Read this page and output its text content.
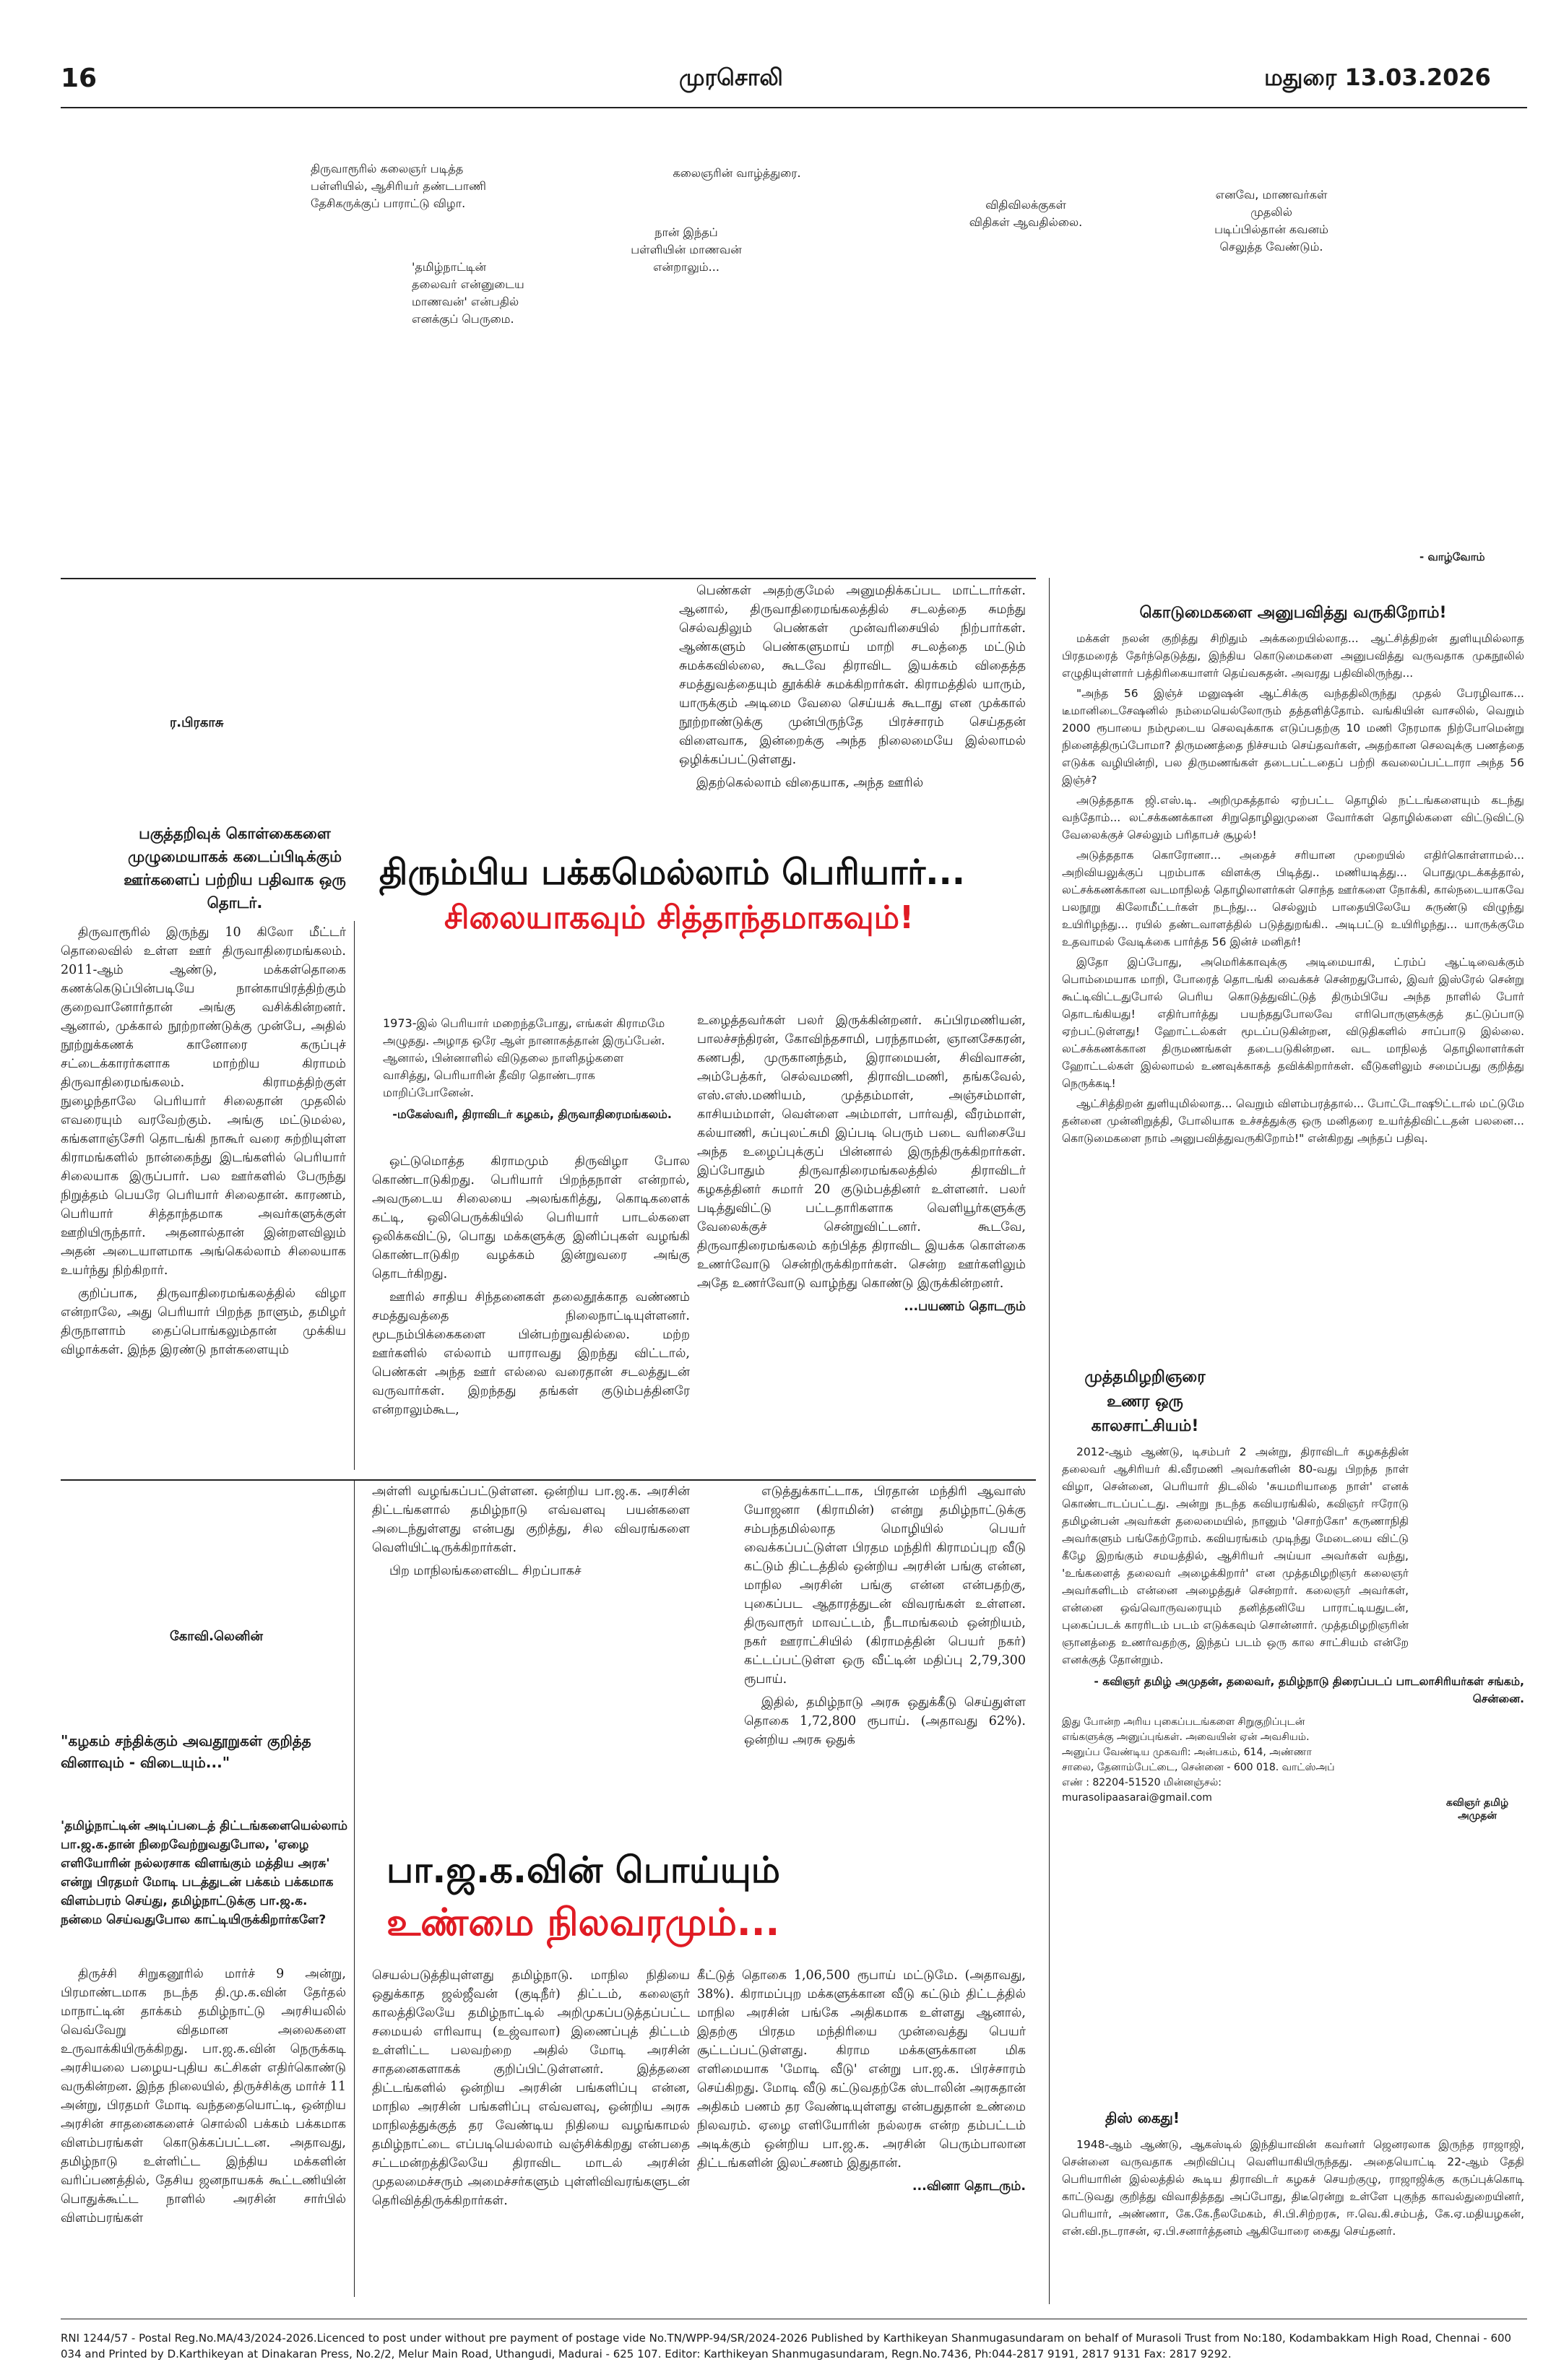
16	முரசொலி	மதுரை 13.03.2026
திருவாரூரில் கலைஞர் படித்த பள்ளியில், ஆசிரியர் தண்டபாணி தேசிகருக்குப் பாராட்டு விழா.
'தமிழ்நாட்டின் தலைவர் என்னுடைய மாணவன்' என்பதில் எனக்குப் பெருமை.
கலைஞரின் வாழ்த்துரை.
நான் இந்தப் பள்ளியின் மாணவன் என்றாலும்...
விதிவிலக்குகள் விதிகள் ஆவதில்லை.
எனவே, மாணவர்கள் முதலில் படிப்பில்தான் கவனம் செலுத்த வேண்டும்.
- வாழ்வோம்
ர.பிரகாசு
பகுத்தறிவுக் கொள்கைகளை முழுமையாகக் கடைப்பிடிக்கும் ஊர்களைப் பற்றிய பதிவாக ஒரு தொடர்.

திருவாரூரில் இருந்து 10 கிலோ மீட்டர் தொலைவில் உள்ள ஊர் திருவாதிரைமங்கலம். 2011-ஆம் ஆண்டு, மக்கள்தொகை கணக்கெடுப்பின்படியே நான்காயிரத்திற்கும் குறைவானோர்தான் அங்கு வசிக்கின்றனர். ஆனால், முக்கால் நூற்றாண்டுக்கு முன்பே, அதில் நூற்றுக்கணக் கானோரை கருப்புச் சட்டைக்காரர்களாக மாற்றிய கிராமம் திருவாதிரைமங்கலம். கிராமத்திற்குள் நுழைந்தாலே பெரியார் சிலைதான் முதலில் எவரையும் வரவேற்கும். அங்கு மட்டுமல்ல, கங்களாஞ்சேரி தொடங்கி நாகூர் வரை சுற்றியுள்ள கிராமங்களில் நான்கைந்து இடங்களில் பெரியார் சிலையாக இருப்பார். பல ஊர்களில் பேருந்து நிறுத்தம் பெயரே பெரியார் சிலைதான். காரணம், பெரியார் சித்தாந்தமாக அவர்களுக்குள் ஊறியிருந்தார். அதனால்தான் இன்றளவிலும் அதன் அடையாளமாக அங்கெல்லாம் சிலையாக உயர்ந்து நிற்கிறார்.

குறிப்பாக, திருவாதிரைமங்கலத்தில் விழா என்றாலே, அது பெரியார் பிறந்த நாளும், தமிழர் திருநாளாம் தைப்பொங்கலும்தான் முக்கிய விழாக்கள். இந்த இரண்டு நாள்களையும்

பெண்கள் அதற்குமேல் அனுமதிக்கப்பட மாட்டார்கள். ஆனால், திருவாதிரைமங்கலத்தில் சடலத்தை சுமந்து செல்வதிலும் பெண்கள் முன்வரிசையில் நிற்பார்கள். ஆண்களும் பெண்களுமாய் மாறி சடலத்தை மட்டும் சுமக்கவில்லை, கூடவே திராவிட இயக்கம் விதைத்த சமத்துவத்தையும் தூக்கிச் சுமக்கிறார்கள். கிராமத்தில் யாரும், யாருக்கும் அடிமை வேலை செய்யக் கூடாது என முக்கால் நூற்றாண்டுக்கு முன்பிருந்தே பிரச்சாரம் செய்ததன் விளைவாக, இன்றைக்கு அந்த நிலைமையே இல்லாமல் ஒழிக்கப்பட்டுள்ளது.

இதற்கெல்லாம் விதையாக, அந்த ஊரில்

திரும்பிய பக்கமெல்லாம் பெரியார்...
சிலையாகவும் சித்தாந்தமாகவும்!
1973-இல் பெரியார் மறைந்தபோது, எங்கள் கிராமமே அழுதது. அழாத ஒரே ஆள் நானாகத்தான் இருப்பேன். ஆனால், பின்னாளில் விடுதலை நாளிதழ்களை வாசித்து, பெரியாரின் தீவிர தொண்டராக மாறிப்போனேன்.
-மகேஸ்வரி, திராவிடர் கழகம், திருவாதிரைமங்கலம்.

ஒட்டுமொத்த கிராமமும் திருவிழா போல கொண்டாடுகிறது. பெரியார் பிறந்தநாள் என்றால், அவருடைய சிலையை அலங்கரித்து, கொடிகளைக் கட்டி, ஒலிபெருக்கியில் பெரியார் பாடல்களை ஒலிக்கவிட்டு, பொது மக்களுக்கு இனிப்புகள் வழங்கி கொண்டாடுகிற வழக்கம் இன்றுவரை அங்கு தொடர்கிறது.

ஊரில் சாதிய சிந்தனைகள் தலைதூக்காத வண்ணம் சமத்துவத்தை நிலைநாட்டியுள்ளனர். மூடநம்பிக்கைகளை பின்பற்றுவதில்லை. மற்ற ஊர்களில் எல்லாம் யாராவது இறந்து விட்டால், பெண்கள் அந்த ஊர் எல்லை வரைதான் சடலத்துடன் வருவார்கள். இறந்தது தங்கள் குடும்பத்தினரே என்றாலும்கூட,

உழைத்தவர்கள் பலர் இருக்கின்றனர். சுப்பிரமணியன், பாலச்சந்திரன், கோவிந்தசாமி, பரந்தாமன், ஞானசேகரன், கணபதி, முருகானந்தம், இராமையன், சிவிவாசன், அம்பேத்கர், செல்வமணி, திராவிடமணி, தங்கவேல், எஸ்.எஸ்.மணியம், முத்தம்மாள், அஞ்சம்மாள், காசியம்மாள், வெள்ளை அம்மாள், பார்வதி, வீரம்மாள், கல்யாணி, சுப்புலட்சுமி இப்படி பெரும் படை வரிசையே அந்த உழைப்புக்குப் பின்னால் இருந்திருக்கிறார்கள். இப்போதும் திருவாதிரைமங்கலத்தில் திராவிடர் கழகத்தினர் சுமார் 20 குடும்பத்தினர் உள்ளனர். பலர் படித்துவிட்டு பட்டதாரிகளாக வெளியூர்களுக்கு வேலைக்குச் சென்றுவிட்டனர். கூடவே, திருவாதிரைமங்கலம் கற்பித்த திராவிட இயக்க கொள்கை உணர்வோடு சென்றிருக்கிறார்கள். சென்ற ஊர்களிலும் அதே உணர்வோடு வாழ்ந்து கொண்டு இருக்கின்றனர்.

...பயணம் தொடரும்
கோவி.லெனின்
"கழகம் சந்திக்கும் அவதூறுகள் குறித்த வினாவும் - விடையும்..."
'தமிழ்நாட்டின் அடிப்படைத் திட்டங்களையெல்லாம் பா.ஜ.க.தான் நிறைவேற்றுவதுபோல, 'ஏழை எளியோரின் நல்லரசாக விளங்கும் மத்திய அரசு' என்று பிரதமர் மோடி படத்துடன் பக்கம் பக்கமாக விளம்பரம் செய்து, தமிழ்நாட்டுக்கு பா.ஜ.க. நன்மை செய்வதுபோல காட்டியிருக்கிறார்களே?

திருச்சி சிறுகனூரில் மார்ச் 9 அன்று, பிரமாண்டமாக நடந்த தி.மு.க.வின் தேர்தல் மாநாட்டின் தாக்கம் தமிழ்நாட்டு அரசியலில் வெவ்வேறு விதமான அலைகளை உருவாக்கியிருக்கிறது. பா.ஜ.க.வின் நெருக்கடி அரசியலை பழைய-புதிய கட்சிகள் எதிர்கொண்டு வருகின்றன. இந்த நிலையில், திருச்சிக்கு மார்ச் 11 அன்று, பிரதமர் மோடி வந்ததையொட்டி, ஒன்றிய அரசின் சாதனைகளைச் சொல்லி பக்கம் பக்கமாக விளம்பரங்கள் கொடுக்கப்பட்டன. அதாவது, தமிழ்நாடு உள்ளிட்ட இந்திய மக்களின் வரிப்பணத்தில், தேசிய ஜனநாயகக் கூட்டணியின் பொதுக்கூட்ட நாளில் அரசின் சார்பில் விளம்பரங்கள்

அள்ளி வழங்கப்பட்டுள்ளன. ஒன்றிய பா.ஜ.க. அரசின் திட்டங்களால் தமிழ்நாடு எவ்வளவு பயன்களை அடைந்துள்ளது என்பது குறித்து, சில விவரங்களை வெளியிட்டிருக்கிறார்கள்.

பிற மாநிலங்களைவிட சிறப்பாகச்

எடுத்துக்காட்டாக, பிரதான் மந்திரி ஆவாஸ் யோஜனா (கிராமின்) என்று தமிழ்நாட்டுக்கு சம்பந்தமில்லாத மொழியில் பெயர் வைக்கப்பட்டுள்ள பிரதம மந்திரி கிராமப்புற வீடு கட்டும் திட்டத்தில் ஒன்றிய அரசின் பங்கு என்ன, மாநில அரசின் பங்கு என்ன என்பதற்கு, புகைப்பட ஆதாரத்துடன் விவரங்கள் உள்ளன. திருவாரூர் மாவட்டம், நீடாமங்கலம் ஒன்றியம், நகர் ஊராட்சியில் (கிராமத்தின் பெயர் நகர்) கட்டப்பட்டுள்ள ஒரு வீட்டின் மதிப்பு 2,79,300 ரூபாய்.

இதில், தமிழ்நாடு அரசு ஒதுக்கீடு செய்துள்ள தொகை 1,72,800 ரூபாய். (அதாவது 62%). ஒன்றிய அரசு ஒதுக்

பா.ஜ.க.வின் பொய்யும்
உண்மை நிலவரமும்...

செயல்படுத்தியுள்ளது தமிழ்நாடு. மாநில நிதியை ஒதுக்காத ஜல்ஜீவன் (குடிநீர்) திட்டம், கலைஞர் காலத்திலேயே தமிழ்நாட்டில் அறிமுகப்படுத்தப்பட்ட சமையல் எரிவாயு (உஜ்வாலா) இணைப்புத் திட்டம் உள்ளிட்ட பலவற்றை அதில் மோடி அரசின் சாதனைகளாகக் குறிப்பிட்டுள்ளனர். இத்தனை திட்டங்களில் ஒன்றிய அரசின் பங்களிப்பு என்ன, மாநில அரசின் பங்களிப்பு எவ்வளவு, ஒன்றிய அரசு மாநிலத்துக்குத் தர வேண்டிய நிதியை வழங்காமல் தமிழ்நாட்டை எப்படியெல்லாம் வஞ்சிக்கிறது என்பதை சட்டமன்றத்திலேயே திராவிட மாடல் அரசின் முதலமைச்சரும் அமைச்சர்களும் புள்ளிவிவரங்களுடன் தெரிவித்திருக்கிறார்கள்.

கீட்டுத் தொகை 1,06,500 ரூபாய் மட்டுமே. (அதாவது, 38%). கிராமப்புற மக்களுக்கான வீடு கட்டும் திட்டத்தில் மாநில அரசின் பங்கே அதிகமாக உள்ளது ஆனால், இதற்கு பிரதம மந்திரியை முன்வைத்து பெயர் சூட்டப்பட்டுள்ளது. கிராம மக்களுக்கான மிக எளிமையாக 'மோடி வீடு' என்று பா.ஜ.க. பிரச்சாரம் செய்கிறது. மோடி வீடு கட்டுவதற்கே ஸ்டாலின் அரசுதான் அதிகம் பணம் தர வேண்டியுள்ளது என்பதுதான் உண்மை நிலவரம். ஏழை எளியோரின் நல்லரசு என்ற தம்பட்டம் அடிக்கும் ஒன்றிய பா.ஜ.க. அரசின் பெரும்பாலான திட்டங்களின் இலட்சணம் இதுதான்.

...வினா தொடரும்.
கொடுமைகளை அனுபவித்து வருகிறோம்!

மக்கள் நலன் குறித்து சிறிதும் அக்கறையில்லாத... ஆட்சித்திறன் துளியுமில்லாத பிரதமரைத் தேர்ந்தெடுத்து, இந்திய கொடுமைகளை அனுபவித்து வருவதாக முகநூலில் எழுதியுள்ளார் பத்திரிகையாளர் தெய்வசுதன். அவரது பதிவிலிருந்து...

"அந்த 56 இஞ்ச் மனுஷன் ஆட்சிக்கு வந்ததிலிருந்து முதல் பேரழிவாக... டீமானிடைசேஷனில் நம்மையெல்லோரும் தத்தளித்தோம். வங்கியின் வாசலில், வெறும் 2000 ரூபாயை நம்மூடைய செலவுக்காக எடுப்பதற்கு 10 மணி நேரமாக நிற்போமென்று நினைத்திருப்போமா? திருமணத்தை நிச்சயம் செய்தவர்கள், அதற்கான செலவுக்கு பணத்தை எடுக்க வழியின்றி, பல திருமணங்கள் தடைபட்டதைப் பற்றி கவலைப்பட்டாரா அந்த 56 இஞ்ச்?

அடுத்ததாக ஜி.எஸ்.டி. அறிமுகத்தால் ஏற்பட்ட தொழில் நட்டங்களையும் கடந்து வந்தோம்... லட்சக்கணக்கான சிறுதொழிலுமுனை வோர்கள் தொழில்களை விட்டுவிட்டு வேலைக்குச் செல்லும் பரிதாபச் சூழல்!

அடுத்ததாக கொரோனா... அதைச் சரியான முறையில் எதிர்கொள்ளாமல்... அறிவியலுக்குப் புறம்பாக விளக்கு பிடித்து.. மணியடித்து... பொதுமுடக்கத்தால், லட்சக்கணக்கான வடமாநிலத் தொழிலாளர்கள் சொந்த ஊர்களை நோக்கி, கால்நடையாகவே பலநூறு கிலோமீட்டர்கள் நடந்து... செல்லும் பாதையிலேயே சுருண்டு விழுந்து உயிரிழந்து... ரயில் தண்டவாளத்தில் படுத்துறங்கி.. அடிபட்டு உயிரிழந்து... யாருக்குமே உதவாமல் வேடிக்கை பார்த்த 56 இன்ச் மனிதர்!

இதோ இப்போது, அமெரிக்காவுக்கு அடிமையாகி, ட்ரம்ப் ஆட்டிவைக்கும் பொம்மையாக மாறி, போரைத் தொடங்கி வைக்கச் சென்றதுபோல், இவர் இஸ்ரேல் சென்று கூட்டிவிட்டதுபோல் பெரிய கொடுத்துவிட்டுத் திரும்பியே அந்த நாளில் போர் தொடங்கியது! எதிர்பார்த்து பயந்ததுபோலவே எரிபொருளுக்குத் தட்டுப்பாடு ஏற்பட்டுள்ளது! ஹோட்டல்கள் மூடப்படுகின்றன, விடுதிகளில் சாப்பாடு இல்லை. லட்சக்கணக்கான திருமணங்கள் தடைபடுகின்றன. வட மாநிலத் தொழிலாளர்கள் ஹோட்டல்கள் இல்லாமல் உணவுக்காகத் தவிக்கிறார்கள். வீடுகளிலும் சமைப்பது குறித்து நெருக்கடி!

ஆட்சித்திறன் துளியுமில்லாத... வெறும் விளம்பரத்தால்... போட்டோஷூட்டால் மட்டுமே தன்னை முன்னிறுத்தி, போலியாக உச்சத்துக்கு ஒரு மனிதரை உயர்த்திவிட்டதன் பலனை... கொடுமைகளை நாம் அனுபவித்துவருகிறோம்!" என்கிறது அந்தப் பதிவு.

முத்தமிழறிஞரை உணர ஒரு காலசாட்சியம்!

2012-ஆம் ஆண்டு, டிசம்பர் 2 அன்று, திராவிடர் கழகத்தின் தலைவர் ஆசிரியர் கி.வீரமணி அவர்களின் 80-வது பிறந்த நாள் விழா, சென்னை, பெரியார் திடலில் 'சுயமரியாதை நாள்' எனக் கொண்டாடப்பட்டது. அன்று நடந்த கவியரங்கில், கவிஞர் ஈரோடு தமிழன்பன் அவர்கள் தலைமையில், நானும் 'சொற்கோ' கருணாநிதி அவர்களும் பங்கேற்றோம். கவியரங்கம் முடிந்து மேடையை விட்டு கீழே இறங்கும் சமயத்தில், ஆசிரியர் அய்யா அவர்கள் வந்து, 'உங்களைத் தலைவர் அழைக்கிறார்' என முத்தமிழறிஞர் கலைஞர் அவர்களிடம் என்னை அழைத்துச் சென்றார். கலைஞர் அவர்கள், என்னை ஒவ்வொருவரையும் தனித்தனியே பாராட்டியதுடன், புகைப்படக் காரரிடம் படம் எடுக்கவும் சொன்னார். முத்தமிழறிஞரின் ஞானத்தை உணர்வதற்கு, இந்தப் படம் ஒரு கால சாட்சியம் என்றே எனக்குத் தோன்றும்.

கவிஞர் தமிழ் அமுதன்
- கவிஞர் தமிழ் அமுதன், தலைவர், தமிழ்நாடு திரைப்படப் பாடலாசிரியர்கள் சங்கம், சென்னை.
இது போன்ற அரிய புகைப்படங்களை சிறுகுறிப்புடன் எங்களுக்கு அனுப்புங்கள். அவையின் ஏன் அவசியம். அனுப்ப வேண்டிய முகவரி: அன்பகம், 614, அண்ணா சாலை, தேனாம்பேட்டை, சென்னை - 600 018. வாட்ஸ்அப் எண் : 82204-51520 மின்னஞ்சல்: murasolipaasarai@gmail.com
திஸ் கைது!

1948-ஆம் ஆண்டு, ஆகஸ்டில் இந்தியாவின் கவர்னர் ஜெனரலாக இருந்த ராஜாஜி, சென்னை வருவதாக அறிவிப்பு வெளியாகியிருந்தது. அதையொட்டி 22-ஆம் தேதி பெரியாரின் இல்லத்தில் கூடிய திராவிடர் கழகச் செயற்குழு, ராஜாஜிக்கு கருப்புக்கொடி காட்டுவது குறித்து விவாதித்தது அப்போது, திடீரென்று உள்ளே புகுந்த காவல்துறையினர், பெரியார், அண்ணா, கே.கே.நீலமேகம், சி.பி.சிற்றரசு, ஈ.வெ.கி.சம்பத், கே.ஏ.மதியழகன், என்.வி.நடராசன், ஏ.பி.சனார்த்தனம் ஆகியோரை கைது செய்தனர்.

RNI 1244/57 - Postal Reg.No.MA/43/2024-2026.Licenced to post under without pre payment of postage vide No.TN/WPP-94/SR/2024-2026 Published by Karthikeyan Shanmugasundaram on behalf of Murasoli Trust from No:180, Kodambakkam High Road, Chennai - 600 034 and Printed by D.Karthikeyan at Dinakaran Press, No.2/2, Melur Main Road, Uthangudi, Madurai - 625 107. Editor: Karthikeyan Shanmugasundaram, Regn.No.7436, Ph:044-2817 9191, 2817 9131 Fax: 2817 9292.
